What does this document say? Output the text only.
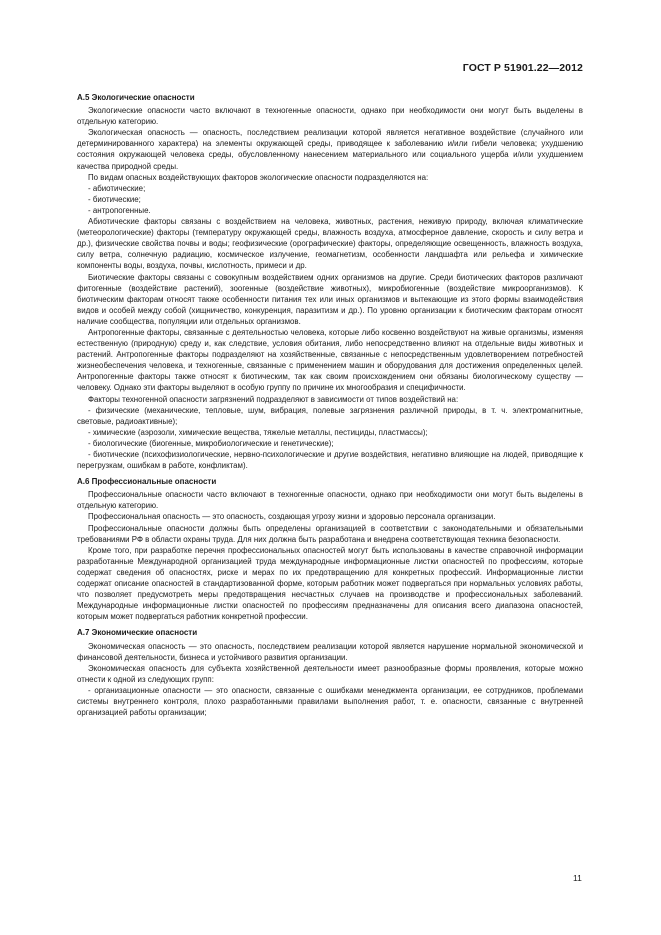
ГОСТ Р 51901.22—2012
А.5 Экологические опасности

Экологические опасности часто включают в техногенные опасности, однако при необходимости они могут быть выделены в отдельную категорию.

Экологическая опасность — опасность, последствием реализации которой является негативное воздействие (случайного или детерминированного характера) на элементы окружающей среды, приводящее к заболеванию и/или гибели человека; ухудшению состояния окружающей человека среды, обусловленному нанесением материального или социального ущерба и/или ухудшением качества природной среды.

По видам опасных воздействующих факторов экологические опасности подразделяются на:

- абиотические;

- биотические;

- антропогенные.

Абиотические факторы связаны с воздействием на человека, животных, растения, неживую природу, включая климатические (метеорологические) факторы (температуру окружающей среды, влажность воздуха, атмосферное давление, скорость и силу ветра и др.), физические свойства почвы и воды; геофизические (орографические) факторы, определяющие освещенность, влажность воздуха, силу ветра, солнечную радиацию, космическое излучение, геомагнетизм, особенности ландшафта или рельефа и химические компоненты воды, воздуха, почвы, кислотность, примеси и др.

Биотические факторы связаны с совокупным воздействием одних организмов на другие. Среди биотических факторов различают фитогенные (воздействие растений), зоогенные (воздействие животных), микробиогенные (воздействие микроорганизмов). К биотическим факторам относят также особенности питания тех или иных организмов и вытекающие из этого формы взаимодействия видов и особей между собой (хищничество, конкуренция, паразитизм и др.). По уровню организации к биотическим факторам относят наличие сообщества, популяции или отдельных организмов.

Антропогенные факторы, связанные с деятельностью человека, которые либо косвенно воздействуют на живые организмы, изменяя естественную (природную) среду и, как следствие, условия обитания, либо непосредственно влияют на отдельные виды животных и растений. Антропогенные факторы подразделяют на хозяйственные, связанные с непосредственным удовлетворением потребностей жизнеобеспечения человека, и техногенные, связанные с применением машин и оборудования для достижения определенных целей. Антропогенные факторы также относят к биотическим, так как своим происхождением они обязаны биологическому существу — человеку. Однако эти факторы выделяют в особую группу по причине их многообразия и специфичности.

Факторы техногенной опасности загрязнений подразделяют в зависимости от типов воздействий на:

- физические (механические, тепловые, шум, вибрация, полевые загрязнения различной природы, в т. ч. электромагнитные, световые, радиоактивные);

- химические (аэрозоли, химические вещества, тяжелые металлы, пестициды, пластмассы);

- биологические (биогенные, микробиологические и генетические);

- биотические (психофизиологические, нервно-психологические и другие воздействия, негативно влияющие на людей, приводящие к перегрузкам, ошибкам в работе, конфликтам).

А.6 Профессиональные опасности

Профессиональные опасности часто включают в техногенные опасности, однако при необходимости они могут быть выделены в отдельную категорию.

Профессиональная опасность — это опасность, создающая угрозу жизни и здоровью персонала организации.

Профессиональные опасности должны быть определены организацией в соответствии с законодательными и обязательными требованиями РФ в области охраны труда. Для них должна быть разработана и внедрена соответствующая техника безопасности.

Кроме того, при разработке перечня профессиональных опасностей могут быть использованы в качестве справочной информации разработанные Международной организацией труда международные информационные листки опасностей по профессиям, которые содержат сведения об опасностях, риске и мерах по их предотвращению для конкретных профессий. Информационные листки содержат описание опасностей в стандартизованной форме, которым работник может подвергаться при нормальных условиях работы, что позволяет предусмотреть меры предотвращения несчастных случаев на производстве и профессиональных заболеваний. Международные информационные листки опасностей по профессиям предназначены для описания всего диапазона опасностей, которым может подвергаться работник конкретной профессии.

А.7 Экономические опасности

Экономическая опасность — это опасность, последствием реализации которой является нарушение нормальной экономической и финансовой деятельности, бизнеса и устойчивого развития организации.

Экономическая опасность для субъекта хозяйственной деятельности имеет разнообразные формы проявления, которые можно отнести к одной из следующих групп:

- организационные опасности — это опасности, связанные с ошибками менеджмента организации, ее сотрудников, проблемами системы внутреннего контроля, плохо разработанными правилами выполнения работ, т. е. опасности, связанные с внутренней организацией работы организации;

11
